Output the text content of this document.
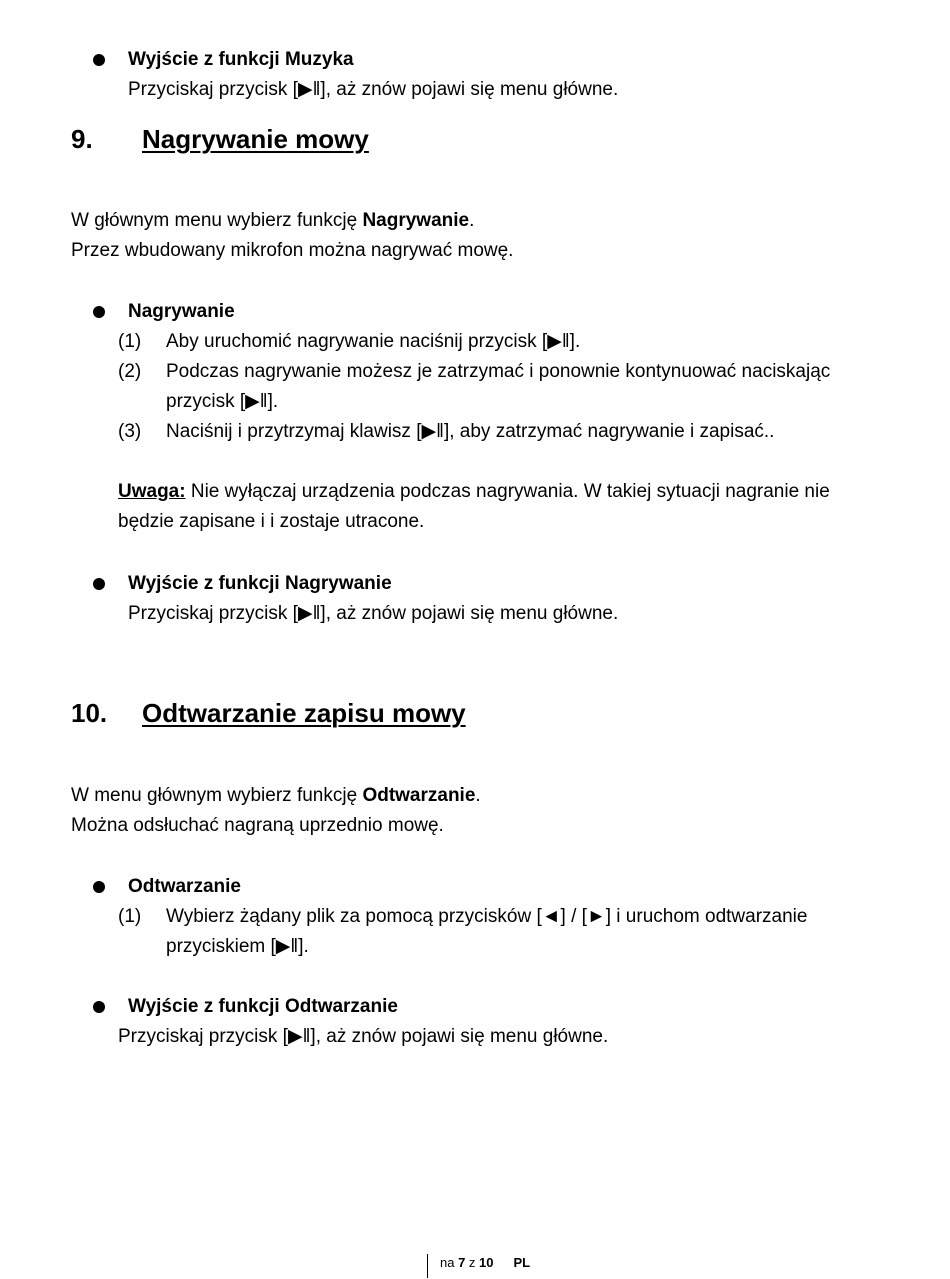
Wyjście z funkcji Muzyka
Przyciskaj przycisk [▶ǁ], aż znów pojawi się menu główne.
9. Nagrywanie mowy
W głównym menu wybierz funkcję Nagrywanie.
Przez wbudowany mikrofon można nagrywać mowę.
Nagrywanie
(1) Aby uruchomić nagrywanie naciśnij przycisk [▶ǁ].
(2) Podczas nagrywanie możesz je zatrzymać i ponownie kontynuować naciskając
przycisk [▶ǁ].
(3) Naciśnij i przytrzymaj klawisz [▶ǁ], aby zatrzymać nagrywanie i zapisać..
Uwaga: Nie wyłączaj urządzenia podczas nagrywania. W takiej sytuacji nagranie nie
będzie zapisane i i zostaje utracone.
Wyjście z funkcji Nagrywanie
Przyciskaj przycisk [▶ǁ], aż znów pojawi się menu główne.
10. Odtwarzanie zapisu mowy
W menu głównym wybierz funkcję Odtwarzanie.
Można odsłuchać nagraną uprzednio mowę.
Odtwarzanie
(1) Wybierz żądany plik za pomocą przycisków [◄] / [►] i uruchom odtwarzanie
przyciskiem [▶ǁ].
Wyjście z funkcji Odtwarzanie
Przyciskaj przycisk [▶ǁ], aż znów pojawi się menu główne.
na 7 z 10 PL
